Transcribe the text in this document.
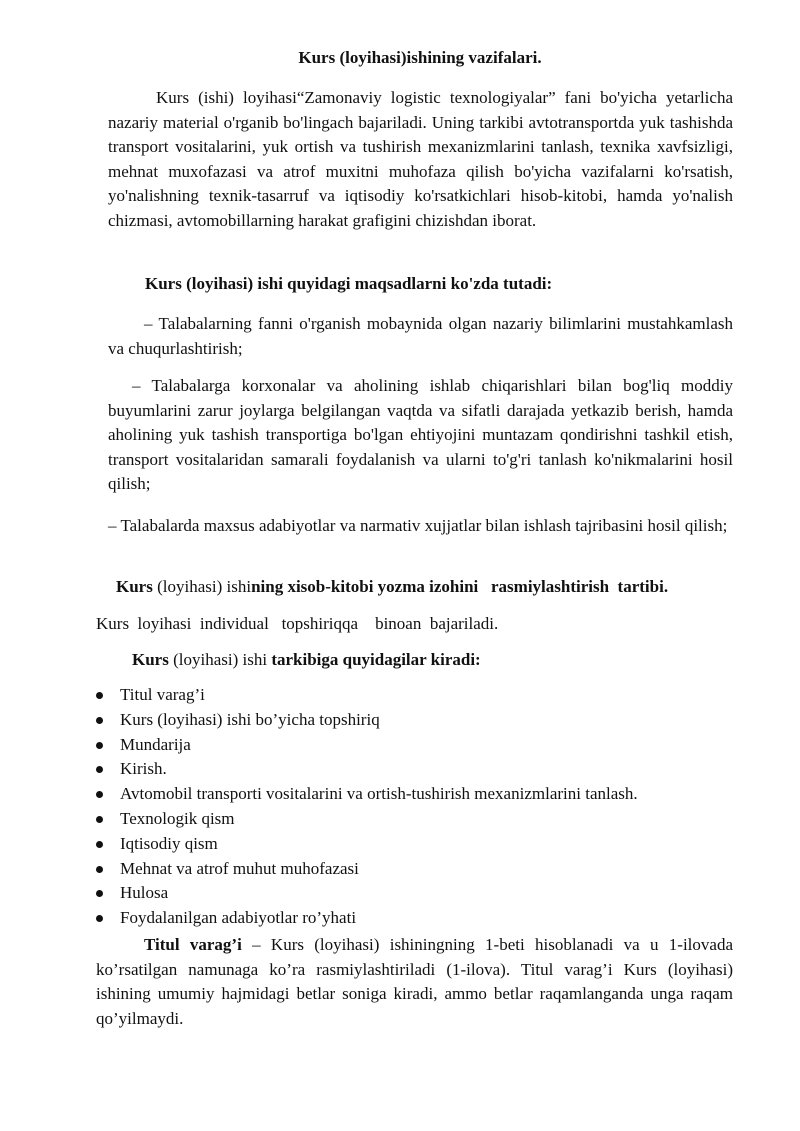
Kurs (loyihasi)ishining vazifalari.
Kurs (ishi) loyihasi“Zamonaviy logistic texnologiyalar” fani bo'yicha yetarlicha nazariy material o'rganib bo'lingach bajariladi. Uning tarkibi avtotransportda yuk tashishda transport vositalarini, yuk ortish va tushirish mexanizmlarini tanlash, texnika xavfsizligi, mehnat muxofazasi va atrof muxitni muhofaza qilish bo'yicha vazifalarni ko'rsatish, yo'nalishning texnik-tasarruf va iqtisodiy ko'rsatkichlari hisob-kitobi, hamda yo'nalish chizmasi, avtomobillarning harakat grafigini chizishdan iborat.
Kurs (loyihasi) ishi quyidagi maqsadlarni ko'zda tutadi:
– Talabalarning fanni o'rganish mobaynida olgan nazariy bilimlarini mustahkamlash va chuqurlashtirish;
– Talabalarga korxonalar va aholining ishlab chiqarishlari bilan bog'liq moddiy buyumlarini zarur joylarga belgilangan vaqtda va sifatli darajada yetkazib berish, hamda aholining yuk tashish transportiga bo'lgan ehtiyojini muntazam qondirishni tashkil etish, transport vositalaridan samarali foydalanish va ularni to'g'ri tanlash ko'nikmalarini hosil qilish;
– Talabalarda maxsus adabiyotlar va narmativ xujjatlar bilan ishlash tajribasini hosil qilish;
Kurs (loyihasi) ishining xisob-kitobi yozma izohini   rasmiylashtirish  tartibi.
Kurs  loyihasi  individual   topshiriqqa    binoan  bajariladi.
Kurs (loyihasi) ishi tarkibiga quyidagilar kiradi:
Titul varag’i
Kurs (loyihasi) ishi bo’yicha topshiriq
Mundarija
Kirish.
Avtomobil transporti vositalarini va ortish-tushirish mexanizmlarini tanlash.
Texnologik qism
Iqtisodiy qism
Mehnat va atrof muhut muhofazasi
Hulosa
Foydalanilgan adabiyotlar ro’yhati
Titul varag’i – Kurs (loyihasi) ishiningning 1-beti hisoblanadi va u 1-ilovada ko’rsatilgan namunaga ko’ra rasmiylashtiriladi (1-ilova). Titul varag’i Kurs (loyihasi) ishining umumiy hajmidagi betlar soniga kiradi, ammo betlar raqamlanganda unga raqam qo’yilmaydi.
